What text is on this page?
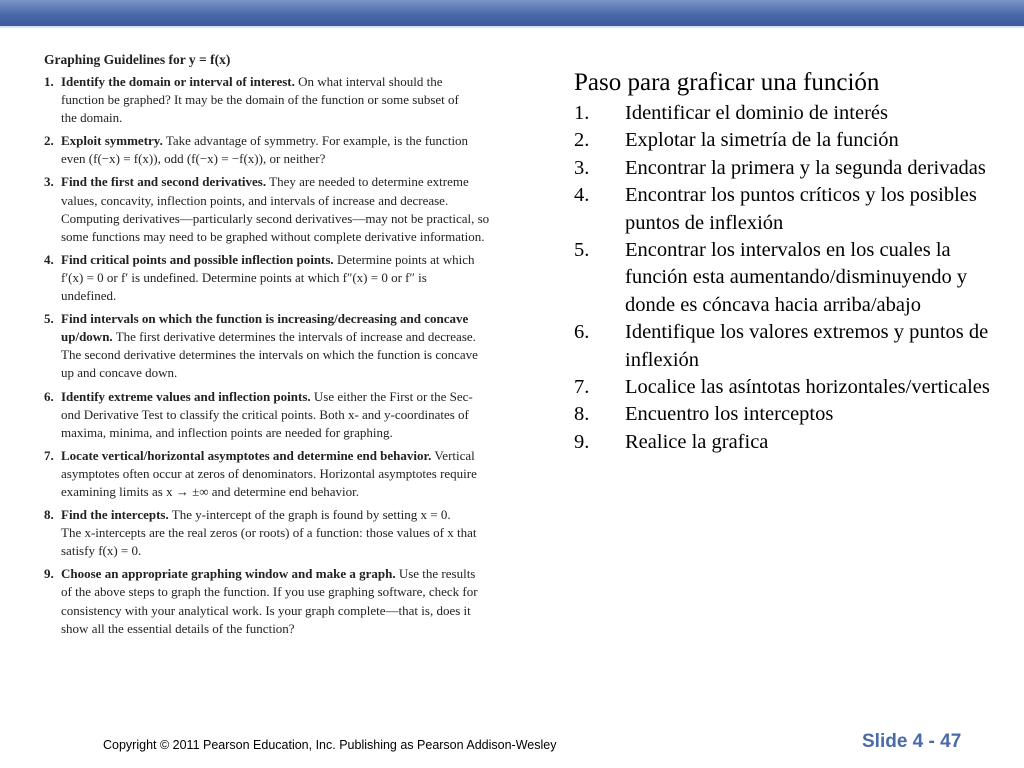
Graphing Guidelines for y = f(x)
1. Identify the domain or interval of interest. On what interval should the
function be graphed? It may be the domain of the function or some subset of
the domain.
2. Exploit symmetry. Take advantage of symmetry. For example, is the function
even (f(−x) = f(x)), odd (f(−x) = −f(x)), or neither?
3. Find the first and second derivatives. They are needed to determine extreme
values, concavity, inflection points, and intervals of increase and decrease.
Computing derivatives—particularly second derivatives—may not be practical, so
some functions may need to be graphed without complete derivative information.
4. Find critical points and possible inflection points. Determine points at which
f′(x) = 0 or f′ is undefined. Determine points at which f″(x) = 0 or f″ is
undefined.
5. Find intervals on which the function is increasing/decreasing and concave
up/down. The first derivative determines the intervals of increase and decrease.
The second derivative determines the intervals on which the function is concave
up and concave down.
6. Identify extreme values and inflection points. Use either the First or the Sec-
ond Derivative Test to classify the critical points. Both x- and y-coordinates of
maxima, minima, and inflection points are needed for graphing.
7. Locate vertical/horizontal asymptotes and determine end behavior. Vertical
asymptotes often occur at zeros of denominators. Horizontal asymptotes require
examining limits as x → ±∞ and determine end behavior.
8. Find the intercepts. The y-intercept of the graph is found by setting x = 0.
The x-intercepts are the real zeros (or roots) of a function: those values of x that
satisfy f(x) = 0.
9. Choose an appropriate graphing window and make a graph. Use the results
of the above steps to graph the function. If you use graphing software, check for
consistency with your analytical work. Is your graph complete—that is, does it
show all the essential details of the function?
Paso para graficar una función
1. Identificar el dominio de interés
2. Explotar la simetría de la función
3. Encontrar la primera y la segunda derivadas
4. Encontrar los puntos críticos y los posibles puntos de inflexión
5. Encontrar los intervalos en los cuales la función esta aumentando/disminuyendo y donde es cóncava hacia arriba/abajo
6. Identifique los valores extremos y puntos de inflexión
7. Localice las asíntotas horizontales/verticales
8. Encuentro los interceptos
9. Realice la grafica
Copyright © 2011 Pearson Education, Inc. Publishing as Pearson Addison-Wesley	Slide 4 - 47
